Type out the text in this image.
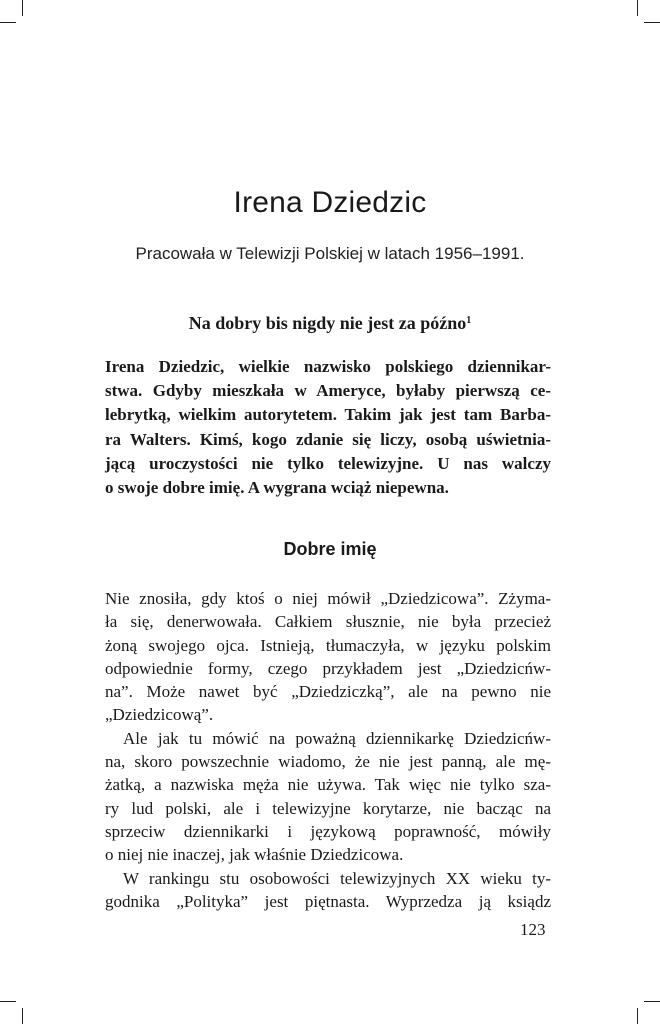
Irena Dziedzic

Pracowała w Telewizji Polskiej w latach 1956–1991.

Na dobry bis nigdy nie jest za późno$^1$
Irena Dziedzic, wielkie nazwisko polskiego dziennikar-
stwa. Gdyby mieszkała w Ameryce, byłaby pierwszą ce-
lebrytką, wielkim autorytetem. Takim jak jest tam Barba-
ra Walters. Kimś, kogo zdanie się liczy, osobą uświetnia-
jącą uroczystości nie tylko telewizyjne. U nas walczy
o swoje dobre imię. A wygrana wciąż niepewna.
Dobre imię
Nie znosiła, gdy ktoś o niej mówił „Dziedzicowa”. Zżyma-
ła się, denerwowała. Całkiem słusznie, nie była przecież
żoną swojego ojca. Istnieją, tłumaczyła, w języku polskim
odpowiednie formy, czego przykładem jest „Dziedzicńw-
na”. Może nawet być „Dziedziczką”, ale na pewno nie
„Dziedzicową”.
Ale jak tu mówić na poważną dziennikarkę Dziedzicńw-
na, skoro powszechnie wiadomo, że nie jest panną, ale mę-
żatką, a nazwiska męża nie używa. Tak więc nie tylko sza-
ry lud polski, ale i telewizyjne korytarze, nie bacząc na
sprzeciw dziennikarki i językową poprawność, mówiły
o niej nie inaczej, jak właśnie Dziedzicowa.
W rankingu stu osobowości telewizyjnych XX wieku ty-
godnika „Polityka” jest piętnasta. Wyprzedza ją ksiądz
123
